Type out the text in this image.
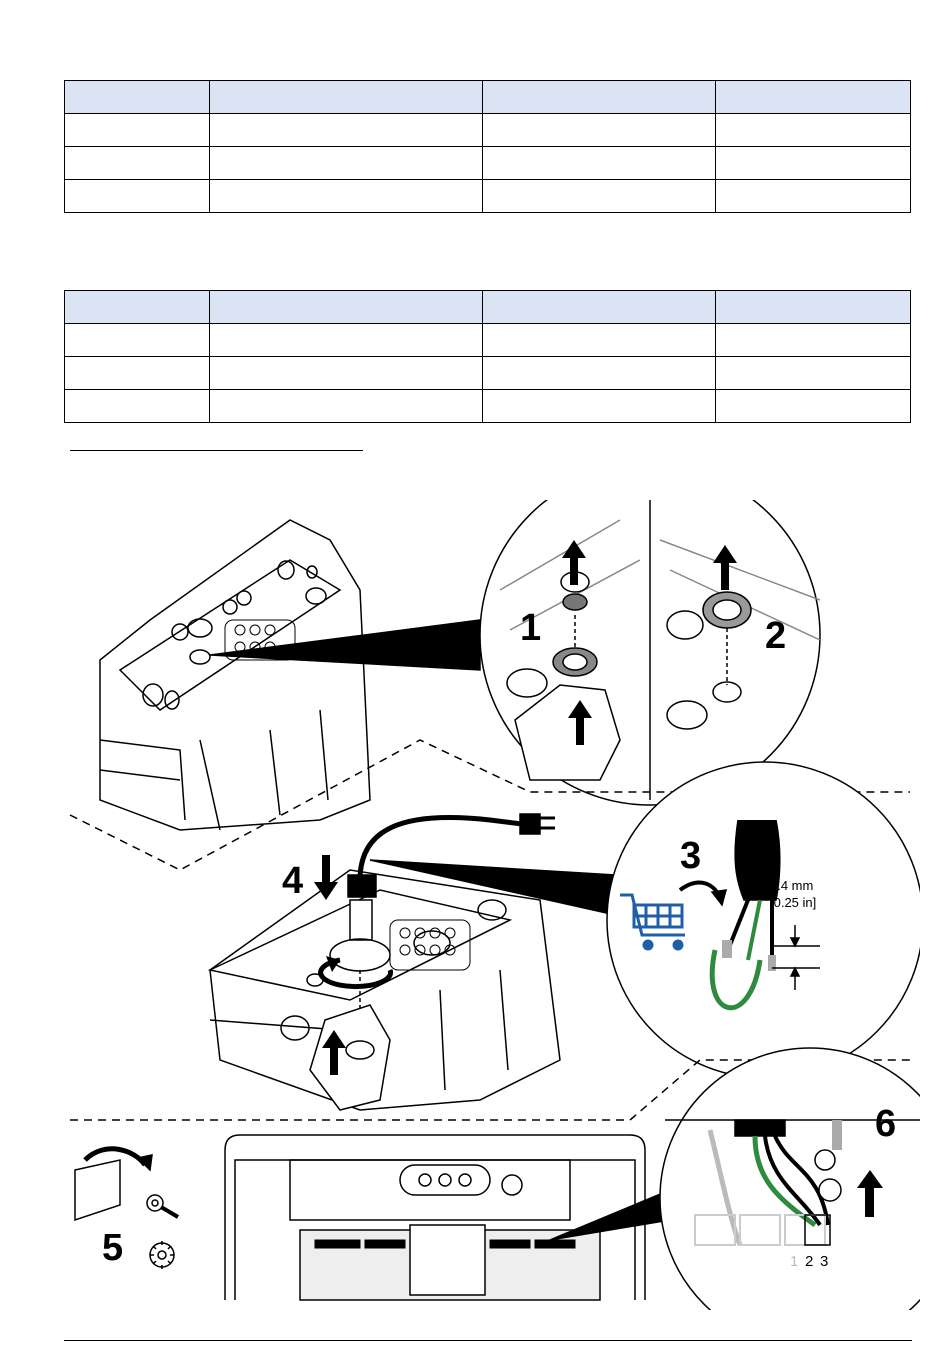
1	2
3
4
5
6
6.4 mm
[0.25 in]
1 2 3
